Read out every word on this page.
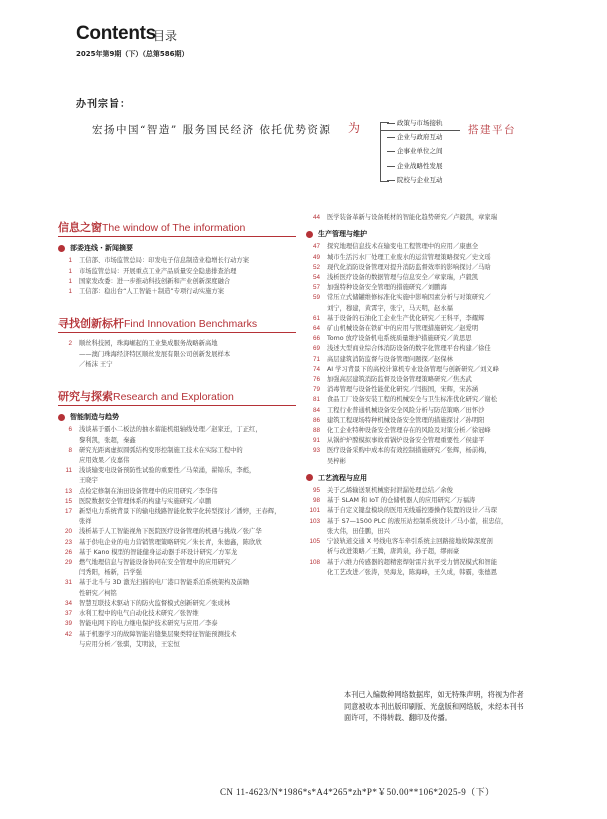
Contents
目录
2025年第9期（下）（总第586期）
办刊宗旨：
宏扬中国“智造” 服务国民经济 依托优势资源 为	政策与市场接轨
企业与政府互动
企事业单位之间
企业战略性发展
院校与企业互动
搭建平台
信息之窗The window of The information
部委连线・新闻摘要
1	工信部、市场监管总局：印发电子信息制造业稳增长行动方案
1	市场监管总局：开展重点工业产品质量安全隐患排查治理
1	国家发改委：进一步推动科技创新和产业创新深度融合
1	工信部：稳出台“人工智能＋制造”专项行动实施方案
寻找创新标杆Find Innovation Benchmarks
2	顺丝科技园，珠海崛起的工业集成服务战略新高地
——澳门珠海经济特区顺丝发展有限公司创新发展样本
／杨沫 王宁
研究与探索Research and Exploration
智能制造与趋势
6	浅谈基于霸小二板法的抽水蓄能机组轴线处理／赵家迁，丁正红，
黎利凯，张超，秦鑫
8	研究光距离虚拟圆弧结构变形控制施工技术在实际工程中的
应用效果／皮嘉伟
11	浅谈输变电设备预防性试验的重要性／马荣涌，翟锦乐，李彪，
王晓宇
13	点检定修制在油田设备管理中的应用研究／李华伟
15	医院数据安全管理体系的构建与实施研究／卓鹏
17	新型电力系统背景下的输电线路智能化数字化转型探讨／潘婷，王春辉，
张祥
20	浅析基于人工智能视角下医院医疗设备管理的机遇与挑战／张广华
23	基于供电企业的电力营销管理策略研究／朱长青，朱德鑫，陈欣欣
26	基于 Kano 模型的智能健身运动器手环设计研究／方军龙
29	燃气地理信息与智能设备协同在安全管理中的应用研究／
闫秀阳，杨新，吕学强
31	基于北斗与 3D 激光扫描的电厂港口智能系泊系统架构及前瞻
性研究／柯铭
34	智慧互联技术驱动下的防火监督模式创新研究／张成林
37	水利工程中的电气自动化技术研究／张智维
39	智能电网下的电力继电保护技术研究与应用／李泰
42	基于机器学习的故障智能岩缝集层聚类特征智能预测技术
与应用分析／张骐，艾明波，王宏恒
44	医学装备革新与设备耗材的智能化趋势研究／卢毅凯，章家瑞
生产管理与维护
47	探究地理信息技术在输变电工程管理中的应用／康惠全
49	城市生活污水厂处理工业废水的运营管理策略探究／史文瑶
52	现代化消防设备管理对提升消防监督效率的影响探讨／马晗
54	浅析医疗设备的数据管理与信息安全／章家瑞，卢毅凯
57	加强特种设备安全管理的措施研究／刘鹏海
59	常压立式储罐维修标准化实施中影响因素分析与对策研究／
刘宁，穆建，黄霄宇，张宁，马天明，赵永福
61	基于设备的石油化工企业生产优化研究／王科平，李耀辉
64	矿山机械设备在铁矿中的应用与管理措施研究／赵爱明
66	Tomo 放疗设备机电系统质量维护措施研究／黄思思
69	浅述大型商业综合体消防设备的数字化管理平台构建／徐佳
71	高层建筑消防监督与设备管理问题探／赵保林
74	AI 学习背景下的高校计算机专业设备管理与创新研究／刘义峰
76	加强高层建筑消防监督及设备管理策略研究／焦杰武
79	消毒管理与设备性能优化研究／闫振国，宋辉，宋苏涵
81	食品工厂设备安装工程的机械安全与卫生标准优化研究／谢松
84	工程行业普通机械设备安全风险分析与防范策略／田怀沙
86	建筑工程现场特种机械设备安全管理的措施探讨／孙明阳
88	化工企业特种设备安全管理存在的风险及对策分析／徐冠峰
91	从锅炉炉膛模拟事故看锅炉设备安全管理重要性／侯建平
93	医疗设备采购中成本的有效控制措施研究／张辉，杨前梅，
吴梓彬
工艺流程与应用
95	关于乙烯输送泵机械密封泄漏处理总结／余俊
98	基于 SLAM 和 IoT 的仓储机器人的应用研究／万福涛
101	基于自定义键盘模块的医用无线遥控器操作装置的设计／马琛
103	基于 S7—1500 PLC 的液压站控制系统设计／马小蕾，崔忠信，
张大伟，田佳鹏，田兴
105	宁波轨道交通 X 号线电客车牵引系统主回路接地故障深度剖
析与改进策略／王腾，唐鸿泉，孙子超，缪雨豪
108	基于六维力传感器的超精密焊射雷片抗平受力情况模式和智能
化工艺改进／张涛，吴海龙，陈海峰，王久成，韩霸，张德恩
本刊已入编数种网络数据库，如无特殊声明，将视为作者同意被收本刊出版印刷版、光盘版和网络版，未经本刊书面许可，不得转载、翻印及传播。
CN 11-4623/N*1986*s*A4*265*zh*P*￥50.00**106*2025-9（下）
